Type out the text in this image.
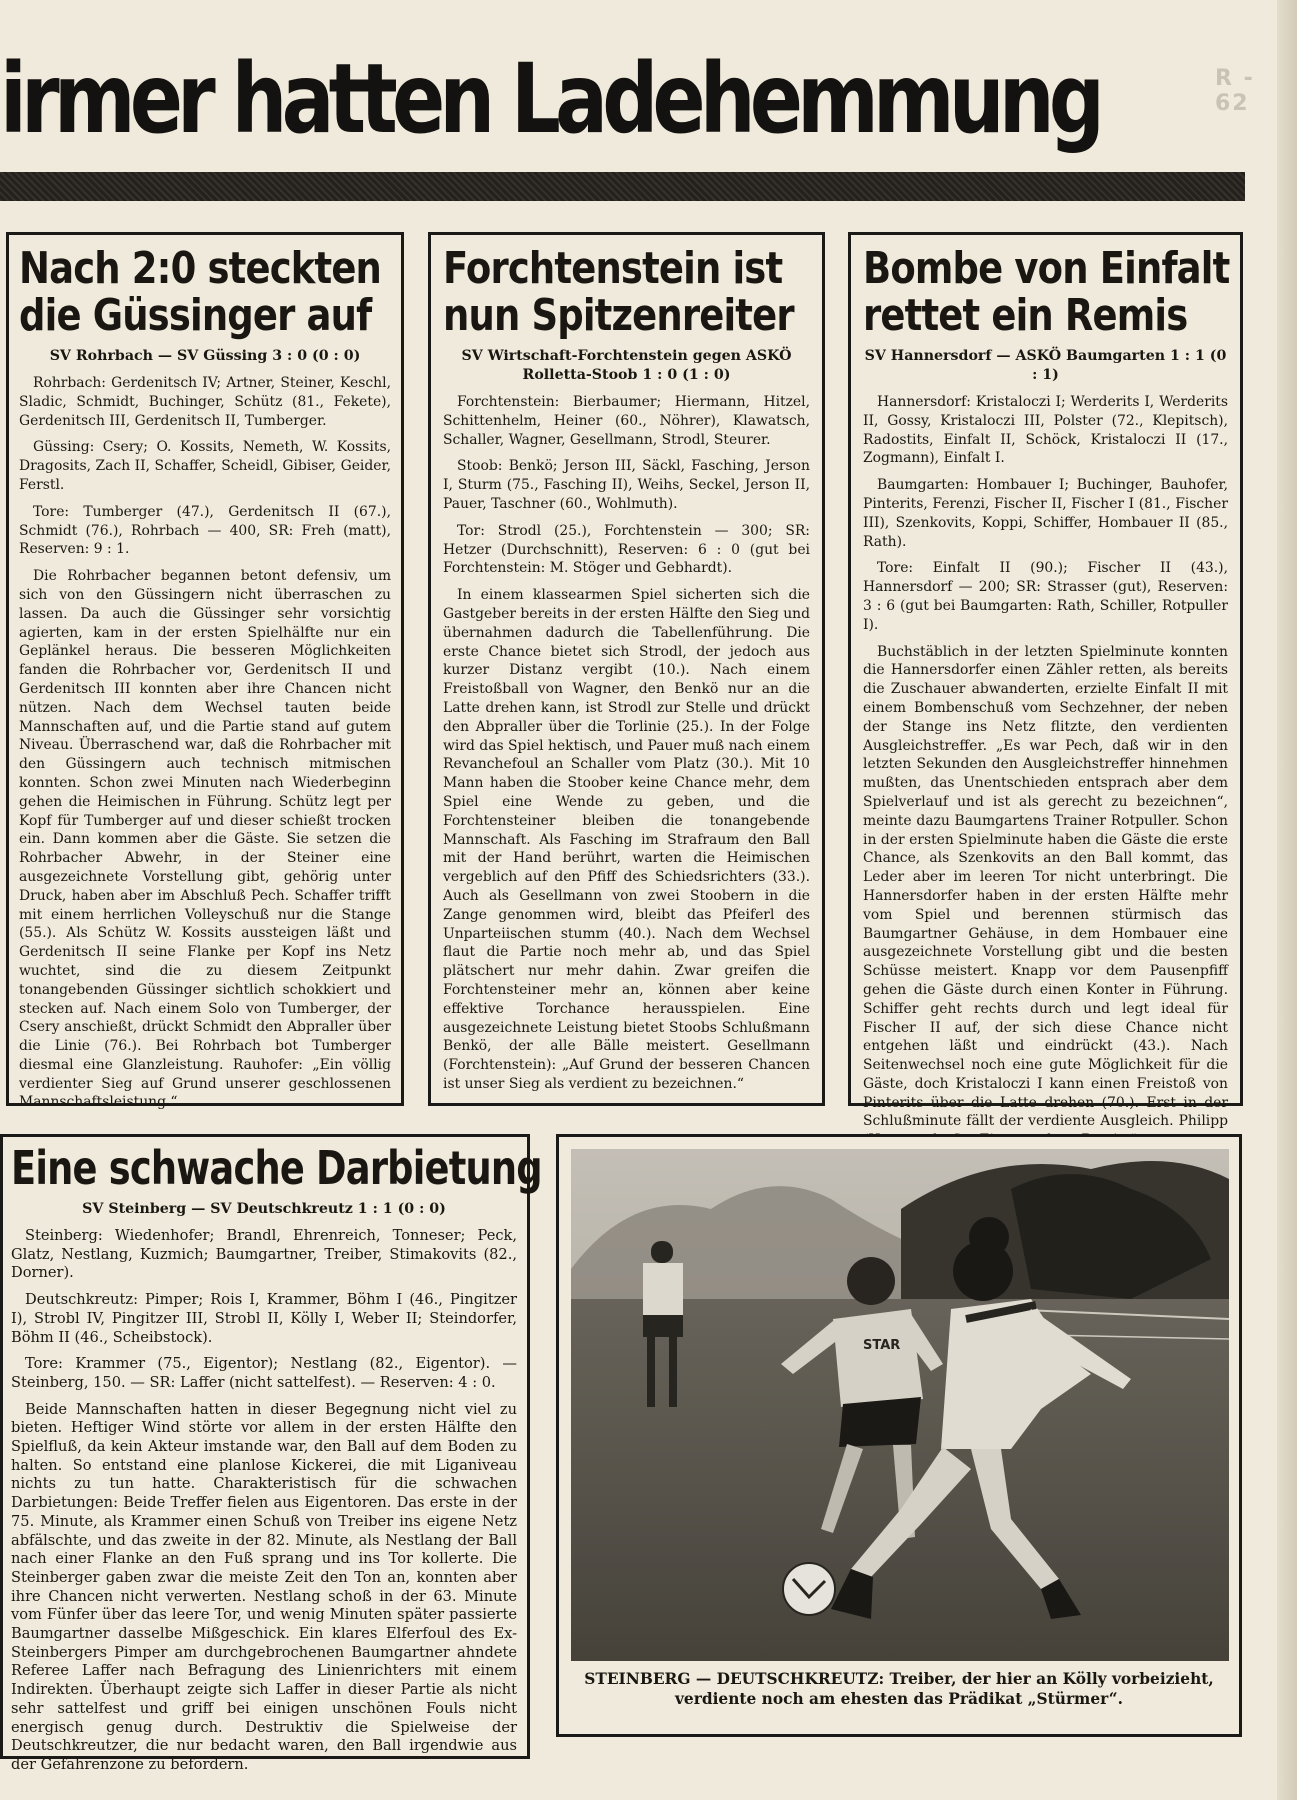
R - 62
irmer hatten Ladehemmung
Nach 2:0 steckten
die Güssinger auf

SV Rohrbach — SV Güssing 3 : 0 (0 : 0)

Rohrbach: Gerdenitsch IV; Artner, Steiner, Keschl, Sladic, Schmidt, Buchinger, Schütz (81., Fekete), Gerdenitsch III, Gerdenitsch II, Tumberger.

Güssing: Csery; O. Kossits, Nemeth, W. Kossits, Dragosits, Zach II, Schaffer, Scheidl, Gibiser, Geider, Ferstl.

Tore: Tumberger (47.), Gerdenitsch II (67.), Schmidt (76.), Rohrbach — 400, SR: Freh (matt), Reserven: 9 : 1.

Die Rohrbacher begannen betont defensiv, um sich von den Güssingern nicht überraschen zu lassen. Da auch die Güssinger sehr vorsichtig agierten, kam in der ersten Spielhälfte nur ein Geplänkel heraus. Die besseren Möglichkeiten fanden die Rohrbacher vor, Gerdenitsch II und Gerdenitsch III konnten aber ihre Chancen nicht nützen. Nach dem Wechsel tauten beide Mannschaften auf, und die Partie stand auf gutem Niveau. Überraschend war, daß die Rohrbacher mit den Güssingern auch technisch mitmischen konnten. Schon zwei Minuten nach Wiederbeginn gehen die Heimischen in Führung. Schütz legt per Kopf für Tumberger auf und dieser schießt trocken ein. Dann kommen aber die Gäste. Sie setzen die Rohrbacher Abwehr, in der Steiner eine ausgezeichnete Vorstellung gibt, gehörig unter Druck, haben aber im Abschluß Pech. Schaffer trifft mit einem herrlichen Volleyschuß nur die Stange (55.). Als Schütz W. Kossits aussteigen läßt und Gerdenitsch II seine Flanke per Kopf ins Netz wuchtet, sind die zu diesem Zeitpunkt tonangebenden Güssinger sichtlich schokkiert und stecken auf. Nach einem Solo von Tumberger, der Csery anschießt, drückt Schmidt den Abpraller über die Linie (76.). Bei Rohrbach bot Tumberger diesmal eine Glanzleistung. Rauhofer: „Ein völlig verdienter Sieg auf Grund unserer geschlossenen Mannschaftsleistung.“

Forchtenstein ist
nun Spitzenreiter

SV Wirtschaft-Forchtenstein gegen ASKÖ Rolletta-Stoob 1 : 0 (1 : 0)

Forchtenstein: Bierbaumer; Hiermann, Hitzel, Schittenhelm, Heiner (60., Nöhrer), Klawatsch, Schaller, Wagner, Gesellmann, Strodl, Steurer.

Stoob: Benkö; Jerson III, Säckl, Fasching, Jerson I, Sturm (75., Fasching II), Weihs, Seckel, Jerson II, Pauer, Taschner (60., Wohlmuth).

Tor: Strodl (25.), Forchtenstein — 300; SR: Hetzer (Durchschnitt), Reserven: 6 : 0 (gut bei Forchtenstein: M. Stöger und Gebhardt).

In einem klassearmen Spiel sicherten sich die Gastgeber bereits in der ersten Hälfte den Sieg und übernahmen dadurch die Tabellenführung. Die erste Chance bietet sich Strodl, der jedoch aus kurzer Distanz vergibt (10.). Nach einem Freistoßball von Wagner, den Benkö nur an die Latte drehen kann, ist Strodl zur Stelle und drückt den Abpraller über die Torlinie (25.). In der Folge wird das Spiel hektisch, und Pauer muß nach einem Revanchefoul an Schaller vom Platz (30.). Mit 10 Mann haben die Stoober keine Chance mehr, dem Spiel eine Wende zu geben, und die Forchtensteiner bleiben die tonangebende Mannschaft. Als Fasching im Strafraum den Ball mit der Hand berührt, warten die Heimischen vergeblich auf den Pfiff des Schiedsrichters (33.). Auch als Gesellmann von zwei Stoobern in die Zange genommen wird, bleibt das Pfeiferl des Unparteiischen stumm (40.). Nach dem Wechsel flaut die Partie noch mehr ab, und das Spiel plätschert nur mehr dahin. Zwar greifen die Forchtensteiner mehr an, können aber keine effektive Torchance herausspielen. Eine ausgezeichnete Leistung bietet Stoobs Schlußmann Benkö, der alle Bälle meistert. Gesellmann (Forchtenstein): „Auf Grund der besseren Chancen ist unser Sieg als verdient zu bezeichnen.“

Bombe von Einfalt
rettet ein Remis

SV Hannersdorf — ASKÖ Baumgarten 1 : 1 (0 : 1)

Hannersdorf: Kristaloczi I; Werderits I, Werderits II, Gossy, Kristaloczi III, Polster (72., Klepitsch), Radostits, Einfalt II, Schöck, Kristaloczi II (17., Zogmann), Einfalt I.

Baumgarten: Hombauer I; Buchinger, Bauhofer, Pinterits, Ferenzi, Fischer II, Fischer I (81., Fischer III), Szenkovits, Koppi, Schiffer, Hombauer II (85., Rath).

Tore: Einfalt II (90.); Fischer II (43.), Hannersdorf — 200; SR: Strasser (gut), Reserven: 3 : 6 (gut bei Baumgarten: Rath, Schiller, Rotpuller I).

Buchstäblich in der letzten Spielminute konnten die Hannersdorfer einen Zähler retten, als bereits die Zuschauer abwanderten, erzielte Einfalt II mit einem Bombenschuß vom Sechzehner, der neben der Stange ins Netz flitzte, den verdienten Ausgleichstreffer. „Es war Pech, daß wir in den letzten Sekunden den Ausgleichstreffer hinnehmen mußten, das Unentschieden entsprach aber dem Spielverlauf und ist als gerecht zu bezeichnen“, meinte dazu Baumgartens Trainer Rotpuller. Schon in der ersten Spielminute haben die Gäste die erste Chance, als Szenkovits an den Ball kommt, das Leder aber im leeren Tor nicht unterbringt. Die Hannersdorfer haben in der ersten Hälfte mehr vom Spiel und berennen stürmisch das Baumgartner Gehäuse, in dem Hombauer eine ausgezeichnete Vorstellung gibt und die besten Schüsse meistert. Knapp vor dem Pausenpfiff gehen die Gäste durch einen Konter in Führung. Schiffer geht rechts durch und legt ideal für Fischer II auf, der sich diese Chance nicht entgehen läßt und eindrückt (43.). Nach Seitenwechsel noch eine gute Möglichkeit für die Gäste, doch Kristaloczi I kann einen Freistoß von Pinterits über die Latte drehen (70.). Erst in der Schlußminute fällt der verdiente Ausgleich. Philipp

Eine schwache Darbietung

SV Steinberg — SV Deutschkreutz 1 : 1 (0 : 0)

Steinberg: Wiedenhofer; Brandl, Ehrenreich, Tonneser; Peck, Glatz, Nestlang, Kuzmich; Baumgartner, Treiber, Stimakovits (82., Dorner).

Deutschkreutz: Pimper; Rois I, Krammer, Böhm I (46., Pingitzer I), Strobl IV, Pingitzer III, Strobl II, Kölly I, Weber II; Steindorfer, Böhm II (46., Scheibstock).

Tore: Krammer (75., Eigentor); Nestlang (82., Eigentor). — Steinberg, 150. — SR: Laffer (nicht sattelfest). — Reserven: 4 : 0.

Beide Mannschaften hatten in dieser Begegnung nicht viel zu bieten. Heftiger Wind störte vor allem in der ersten Hälfte den Spielfluß, da kein Akteur imstande war, den Ball auf dem Boden zu halten. So entstand eine planlose Kickerei, die mit Liganiveau nichts zu tun hatte. Charakteristisch für die schwachen Darbietungen: Beide Treffer fielen aus Eigentoren. Das erste in der 75. Minute, als Krammer einen Schuß von Treiber ins eigene Netz abfälschte, und das zweite in der 82. Minute, als Nestlang der Ball nach einer Flanke an den Fuß sprang und ins Tor kollerte. Die Steinberger gaben zwar die meiste Zeit den Ton an, konnten aber ihre Chancen nicht verwerten. Nestlang schoß in der 63. Minute vom Fünfer über das leere Tor, und wenig Minuten später passierte Baumgartner dasselbe Mißgeschick. Ein klares Elferfoul des Ex-Steinbergers Pimper am durchgebrochenen Baumgartner ahndete Referee Laffer nach Befragung des Linienrichters mit einem Indirekten. Überhaupt zeigte sich Laffer in dieser Partie als nicht sehr sattelfest und griff bei einigen unschönen Fouls nicht energisch genug durch. Destruktiv die Spielweise der Deutschkreutzer, die nur bedacht waren, den Ball irgendwie aus der Gefahrenzone zu befördern.

STAR

STEINBERG — DEUTSCHKREUTZ: Treiber, der hier an Kölly vorbeizieht, verdiente noch am ehesten das Prädikat „Stürmer“.
